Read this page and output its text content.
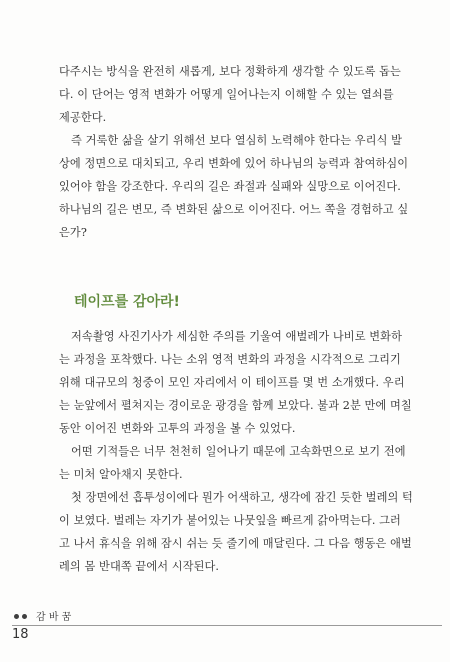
다주시는 방식을 완전히 새롭게, 보다 정확하게 생각할 수 있도록 돕는
다. 이 단어는 영적 변화가 어떻게 일어나는지 이해할 수 있는 열쇠를
제공한다.
즉 거룩한 삶을 살기 위해선 보다 열심히 노력해야 한다는 우리식 발
상에 정면으로 대치되고, 우리 변화에 있어 하나님의 능력과 참여하심이
있어야 함을 강조한다. 우리의 길은 좌절과 실패와 실망으로 이어진다.
하나님의 길은 변모, 즉 변화된 삶으로 이어진다. 어느 쪽을 경험하고 싶
은가?
테이프를 감아라!
저속촬영 사진기사가 세심한 주의를 기울여 애벌레가 나비로 변화하
는 과정을 포착했다. 나는 소위 영적 변화의 과정을 시각적으로 그리기
위해 대규모의 청중이 모인 자리에서 이 테이프를 몇 번 소개했다. 우리
는 눈앞에서 펼쳐지는 경이로운 광경을 함께 보았다. 불과 2분 만에 며칠
동안 이어진 변화와 고투의 과정을 볼 수 있었다.
어떤 기적들은 너무 천천히 일어나기 때문에 고속화면으로 보기 전에
는 미처 알아채지 못한다.
첫 장면에선 흡투성이에다 뭔가 어색하고, 생각에 잠긴 듯한 벌레의 턱
이 보였다. 벌레는 자기가 붙어있는 나뭇잎을 빠르게 갉아먹는다. 그러
고 나서 휴식을 위해 잠시 쉬는 듯 줄기에 매달린다. 그 다음 행동은 애벌
레의 몸 반대쪽 끝에서 시작된다.
감 바 꿈
18
